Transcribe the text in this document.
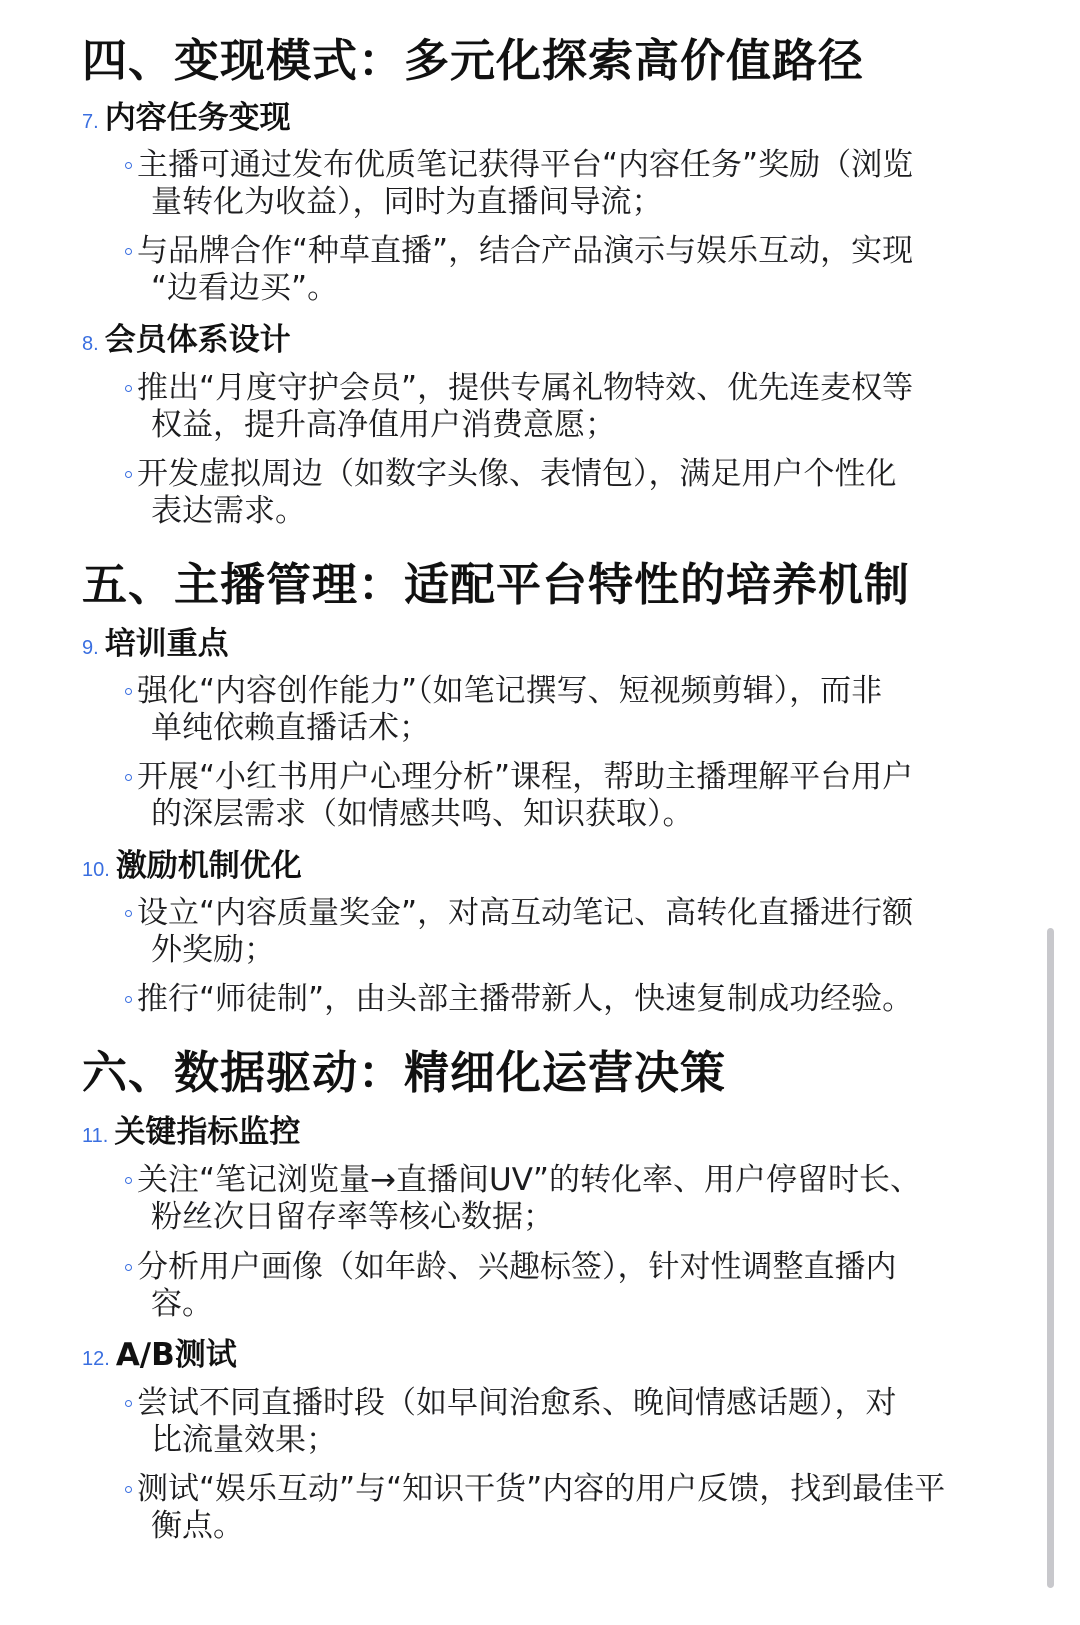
四、变现模式：多元化探索高价值路径
7. 内容任务变现
主播可通过发布优质笔记获得平台“内容任务”奖励（浏览
量转化为收益），同时为直播间导流；
与品牌合作“种草直播”，结合产品演示与娱乐互动，实现
“边看边买”。
8. 会员体系设计
推出“月度守护会员”，提供专属礼物特效、优先连麦权等
权益，提升高净值用户消费意愿；
开发虚拟周边（如数字头像、表情包），满足用户个性化
表达需求。
五、主播管理：适配平台特性的培养机制
9. 培训重点
强化“内容创作能力”（如笔记撰写、短视频剪辑），而非
单纯依赖直播话术；
开展“小红书用户心理分析”课程，帮助主播理解平台用户
的深层需求（如情感共鸣、知识获取）。
10. 激励机制优化
设立“内容质量奖金”，对高互动笔记、高转化直播进行额
外奖励；
推行“师徒制”，由头部主播带新人，快速复制成功经验。
六、数据驱动：精细化运营决策
11. 关键指标监控
关注“笔记浏览量→直播间UV”的转化率、用户停留时长、
粉丝次日留存率等核心数据；
分析用户画像（如年龄、兴趣标签），针对性调整直播内
容。
12. A/B测试
尝试不同直播时段（如早间治愈系、晚间情感话题），对
比流量效果；
测试“娱乐互动”与“知识干货”内容的用户反馈，找到最佳平
衡点。
